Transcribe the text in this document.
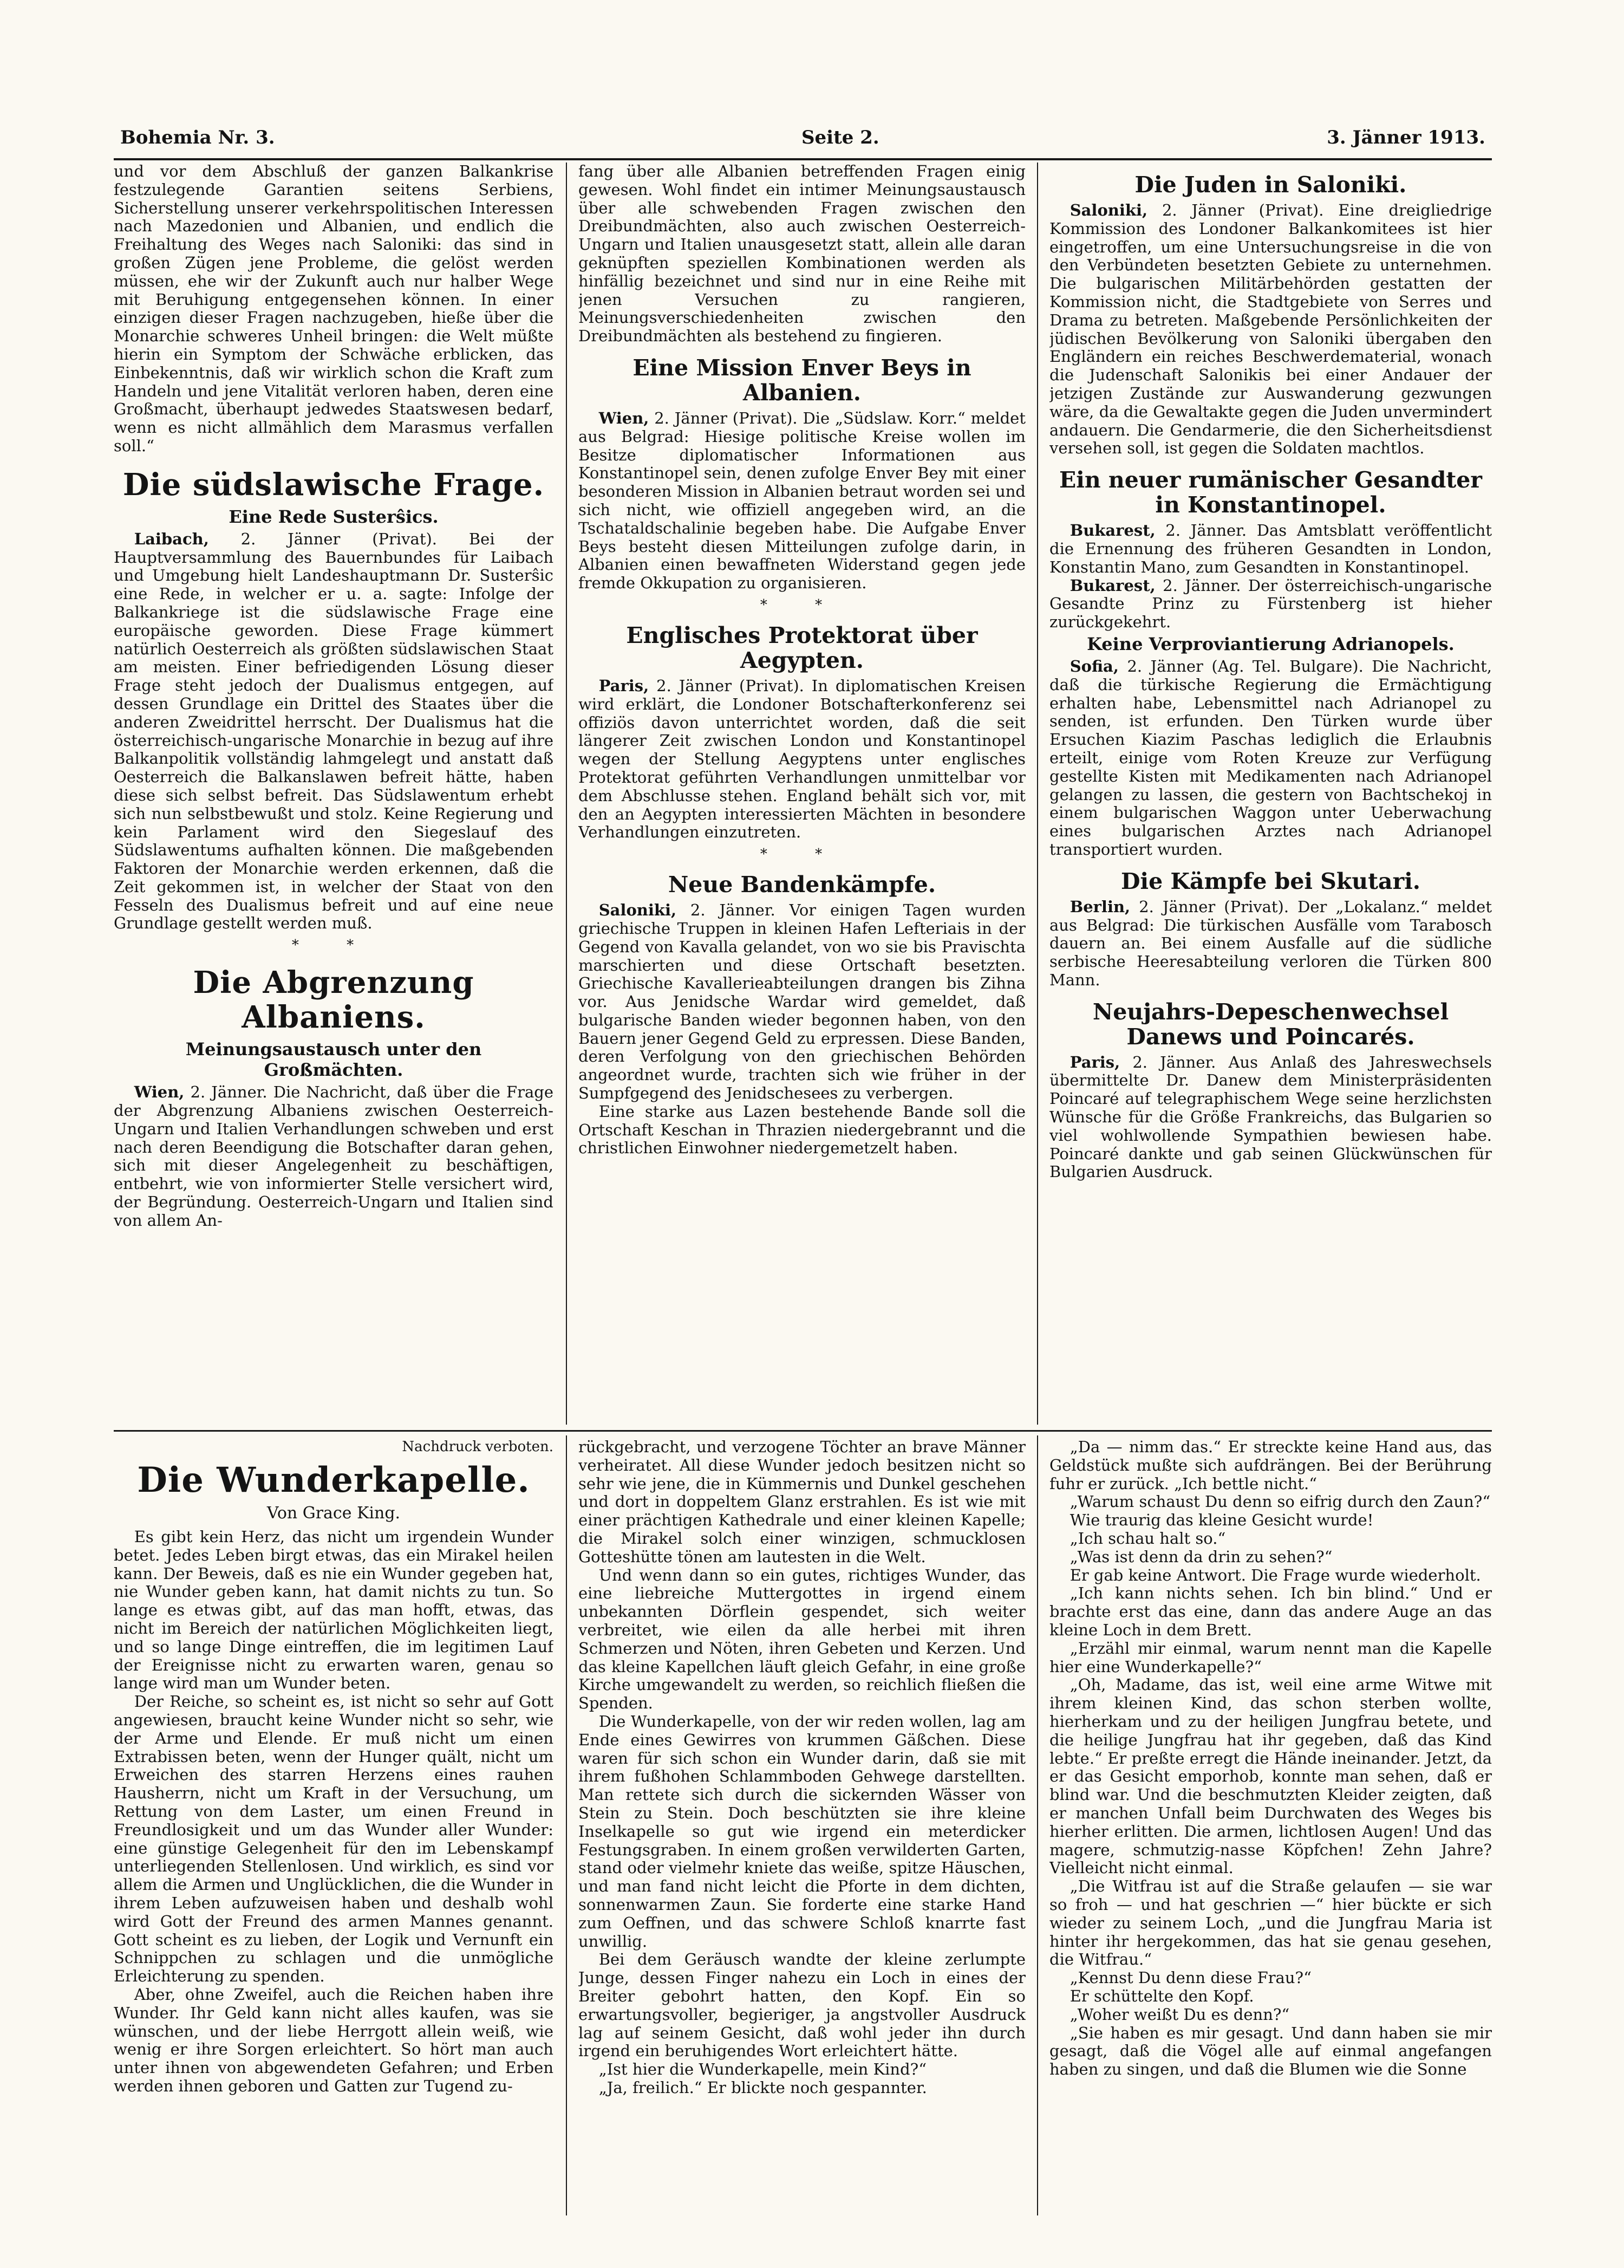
Bohemia Nr. 3.	Seite 2.	3. Jänner 1913.

und vor dem Abschluß der ganzen Balkankrise festzulegende Garantien seitens Serbiens, Sicherstellung unserer verkehrspolitischen Interessen nach Mazedonien und Albanien, und endlich die Freihaltung des Weges nach Saloniki: das sind in großen Zügen jene Probleme, die gelöst werden müssen, ehe wir der Zukunft auch nur halber Wege mit Beruhigung entgegensehen können. In einer einzigen dieser Fragen nachzugeben, hieße über die Monarchie schweres Unheil bringen: die Welt müßte hierin ein Symptom der Schwäche erblicken, das Einbekenntnis, daß wir wirklich schon die Kraft zum Handeln und jene Vitalität verloren haben, deren eine Großmacht, überhaupt jedwedes Staatswesen bedarf, wenn es nicht allmählich dem Marasmus verfallen soll.“

Die südslawische Frage.
Eine Rede Susterŝics.

Laibach, 2. Jänner (Privat). Bei der Hauptversammlung des Bauernbundes für Laibach und Umgebung hielt Landeshauptmann Dr. Susterŝic eine Rede, in welcher er u. a. sagte: Infolge der Balkankriege ist die südslawische Frage eine europäische geworden. Diese Frage kümmert natürlich Oesterreich als größten südslawischen Staat am meisten. Einer befriedigenden Lösung dieser Frage steht jedoch der Dualismus entgegen, auf dessen Grundlage ein Drittel des Staates über die anderen Zweidrittel herrscht. Der Dualismus hat die österreichisch-ungarische Monarchie in bezug auf ihre Balkanpolitik vollständig lahmgelegt und anstatt daß Oesterreich die Balkanslawen befreit hätte, haben diese sich selbst befreit. Das Südslawentum erhebt sich nun selbstbewußt und stolz. Keine Regierung und kein Parlament wird den Siegeslauf des Südslawentums aufhalten können. Die maßgebenden Faktoren der Monarchie werden erkennen, daß die Zeit gekommen ist, in welcher der Staat von den Fesseln des Dualismus befreit und auf eine neue Grundlage gestellt werden muß.

* *
Die Abgrenzung Albaniens.
Meinungsaustausch unter den Großmächten.

Wien, 2. Jänner. Die Nachricht, daß über die Frage der Abgrenzung Albaniens zwischen Oesterreich-Ungarn und Italien Verhandlungen schweben und erst nach deren Beendigung die Botschafter daran gehen, sich mit dieser Angelegenheit zu beschäftigen, entbehrt, wie von informierter Stelle versichert wird, der Begründung. Oesterreich-Ungarn und Italien sind von allem An-

fang über alle Albanien betreffenden Fragen einig gewesen. Wohl findet ein intimer Meinungsaustausch über alle schwebenden Fragen zwischen den Dreibundmächten, also auch zwischen Oesterreich-Ungarn und Italien unausgesetzt statt, allein alle daran geknüpften speziellen Kombinationen werden als hinfällig bezeichnet und sind nur in eine Reihe mit jenen Versuchen zu rangieren, Meinungsverschiedenheiten zwischen den Dreibundmächten als bestehend zu fingieren.

Eine Mission Enver Beys in Albanien.

Wien, 2. Jänner (Privat). Die „Südslaw. Korr.“ meldet aus Belgrad: Hiesige politische Kreise wollen im Besitze diplomatischer Informationen aus Konstantinopel sein, denen zufolge Enver Bey mit einer besonderen Mission in Albanien betraut worden sei und sich nicht, wie offiziell angegeben wird, an die Tschataldschalinie begeben habe. Die Aufgabe Enver Beys besteht diesen Mitteilungen zufolge darin, in Albanien einen bewaffneten Widerstand gegen jede fremde Okkupation zu organisieren.

* *
Englisches Protektorat über Aegypten.

Paris, 2. Jänner (Privat). In diplomatischen Kreisen wird erklärt, die Londoner Botschafterkonferenz sei offiziös davon unterrichtet worden, daß die seit längerer Zeit zwischen London und Konstantinopel wegen der Stellung Aegyptens unter englisches Protektorat geführten Verhandlungen unmittelbar vor dem Abschlusse stehen. England behält sich vor, mit den an Aegypten interessierten Mächten in besondere Verhandlungen einzutreten.

* *
Neue Bandenkämpfe.

Saloniki, 2. Jänner. Vor einigen Tagen wurden griechische Truppen in kleinen Hafen Lefteriais in der Gegend von Kavalla gelandet, von wo sie bis Pravischta marschierten und diese Ortschaft besetzten. Griechische Kavallerieabteilungen drangen bis Zihna vor. Aus Jenidsche Wardar wird gemeldet, daß bulgarische Banden wieder begonnen haben, von den Bauern jener Gegend Geld zu erpressen. Diese Banden, deren Verfolgung von den griechischen Behörden angeordnet wurde, trachten sich wie früher in der Sumpfgegend des Jenidschesees zu verbergen.

Eine starke aus Lazen bestehende Bande soll die Ortschaft Keschan in Thrazien niedergebrannt und die christlichen Einwohner niedergemetzelt haben.

Die Juden in Saloniki.

Saloniki, 2. Jänner (Privat). Eine dreigliedrige Kommission des Londoner Balkankomitees ist hier eingetroffen, um eine Untersuchungsreise in die von den Verbündeten besetzten Gebiete zu unternehmen. Die bulgarischen Militärbehörden gestatten der Kommission nicht, die Stadtgebiete von Serres und Drama zu betreten. Maßgebende Persönlichkeiten der jüdischen Bevölkerung von Saloniki übergaben den Engländern ein reiches Beschwerdematerial, wonach die Judenschaft Salonikis bei einer Andauer der jetzigen Zustände zur Auswanderung gezwungen wäre, da die Gewaltakte gegen die Juden unvermindert andauern. Die Gendarmerie, die den Sicherheitsdienst versehen soll, ist gegen die Soldaten machtlos.

Ein neuer rumänischer Gesandter in Konstantinopel.

Bukarest, 2. Jänner. Das Amtsblatt veröffentlicht die Ernennung des früheren Gesandten in London, Konstantin Mano, zum Gesandten in Konstantinopel.

Bukarest, 2. Jänner. Der österreichisch-ungarische Gesandte Prinz zu Fürstenberg ist hieher zurückgekehrt.

Keine Verproviantierung Adrianopels.

Sofia, 2. Jänner (Ag. Tel. Bulgare). Die Nachricht, daß die türkische Regierung die Ermächtigung erhalten habe, Lebensmittel nach Adrianopel zu senden, ist erfunden. Den Türken wurde über Ersuchen Kiazim Paschas lediglich die Erlaubnis erteilt, einige vom Roten Kreuze zur Verfügung gestellte Kisten mit Medikamenten nach Adrianopel gelangen zu lassen, die gestern von Bachtschekoj in einem bulgarischen Waggon unter Ueberwachung eines bulgarischen Arztes nach Adrianopel transportiert wurden.

Die Kämpfe bei Skutari.

Berlin, 2. Jänner (Privat). Der „Lokalanz.“ meldet aus Belgrad: Die türkischen Ausfälle vom Tarabosch dauern an. Bei einem Ausfalle auf die südliche serbische Heeresabteilung verloren die Türken 800 Mann.

Neujahrs-Depeschenwechsel Danews und Poincarés.

Paris, 2. Jänner. Aus Anlaß des Jahreswechsels übermittelte Dr. Danew dem Ministerpräsidenten Poincaré auf telegraphischem Wege seine herzlichsten Wünsche für die Größe Frankreichs, das Bulgarien so viel wohlwollende Sympathien bewiesen habe. Poincaré dankte und gab seinen Glückwünschen für Bulgarien Ausdruck.

Nachdruck verboten.
Die Wunderkapelle.
Von Grace King.

Es gibt kein Herz, das nicht um irgendein Wunder betet. Jedes Leben birgt etwas, das ein Mirakel heilen kann. Der Beweis, daß es nie ein Wunder gegeben hat, nie Wunder geben kann, hat damit nichts zu tun. So lange es etwas gibt, auf das man hofft, etwas, das nicht im Bereich der natürlichen Möglichkeiten liegt, und so lange Dinge eintreffen, die im legitimen Lauf der Ereignisse nicht zu erwarten waren, genau so lange wird man um Wunder beten.

Der Reiche, so scheint es, ist nicht so sehr auf Gott angewiesen, braucht keine Wunder nicht so sehr, wie der Arme und Elende. Er muß nicht um einen Extrabissen beten, wenn der Hunger quält, nicht um Erweichen des starren Herzens eines rauhen Hausherrn, nicht um Kraft in der Versuchung, um Rettung von dem Laster, um einen Freund in Freundlosigkeit und um das Wunder aller Wunder: eine günstige Gelegenheit für den im Lebenskampf unterliegenden Stellenlosen. Und wirklich, es sind vor allem die Armen und Unglücklichen, die die Wunder in ihrem Leben aufzuweisen haben und deshalb wohl wird Gott der Freund des armen Mannes genannt. Gott scheint es zu lieben, der Logik und Vernunft ein Schnippchen zu schlagen und die unmögliche Erleichterung zu spenden.

Aber, ohne Zweifel, auch die Reichen haben ihre Wunder. Ihr Geld kann nicht alles kaufen, was sie wünschen, und der liebe Herrgott allein weiß, wie wenig er ihre Sorgen erleichtert. So hört man auch unter ihnen von abgewendeten Gefahren; und Erben werden ihnen geboren und Gatten zur Tugend zu-

rückgebracht, und verzogene Töchter an brave Männer verheiratet. All diese Wunder jedoch besitzen nicht so sehr wie jene, die in Kümmernis und Dunkel geschehen und dort in doppeltem Glanz erstrahlen. Es ist wie mit einer prächtigen Kathedrale und einer kleinen Kapelle; die Mirakel solch einer winzigen, schmucklosen Gotteshütte tönen am lautesten in die Welt.

Und wenn dann so ein gutes, richtiges Wunder, das eine liebreiche Muttergottes in irgend einem unbekannten Dörflein gespendet, sich weiter verbreitet, wie eilen da alle herbei mit ihren Schmerzen und Nöten, ihren Gebeten und Kerzen. Und das kleine Kapellchen läuft gleich Gefahr, in eine große Kirche umgewandelt zu werden, so reichlich fließen die Spenden.

Die Wunderkapelle, von der wir reden wollen, lag am Ende eines Gewirres von krummen Gäßchen. Diese waren für sich schon ein Wunder darin, daß sie mit ihrem fußhohen Schlammboden Gehwege darstellten. Man rettete sich durch die sickernden Wässer von Stein zu Stein. Doch beschützten sie ihre kleine Inselkapelle so gut wie irgend ein meterdicker Festungsgraben. In einem großen verwilderten Garten, stand oder vielmehr kniete das weiße, spitze Häuschen, und man fand nicht leicht die Pforte in dem dichten, sonnenwarmen Zaun. Sie forderte eine starke Hand zum Oeffnen, und das schwere Schloß knarrte fast unwillig.

Bei dem Geräusch wandte der kleine zerlumpte Junge, dessen Finger nahezu ein Loch in eines der Breiter gebohrt hatten, den Kopf. Ein so erwartungsvoller, begieriger, ja angstvoller Ausdruck lag auf seinem Gesicht, daß wohl jeder ihn durch irgend ein beruhigendes Wort erleichtert hätte.

„Ist hier die Wunderkapelle, mein Kind?“

„Ja, freilich.“ Er blickte noch gespannter.

„Da — nimm das.“ Er streckte keine Hand aus, das Geldstück mußte sich aufdrängen. Bei der Berührung fuhr er zurück. „Ich bettle nicht.“

„Warum schaust Du denn so eifrig durch den Zaun?“

Wie traurig das kleine Gesicht wurde!

„Ich schau halt so.“

„Was ist denn da drin zu sehen?“

Er gab keine Antwort. Die Frage wurde wiederholt.

„Ich kann nichts sehen. Ich bin blind.“ Und er brachte erst das eine, dann das andere Auge an das kleine Loch in dem Brett.

„Erzähl mir einmal, warum nennt man die Kapelle hier eine Wunderkapelle?“

„Oh, Madame, das ist, weil eine arme Witwe mit ihrem kleinen Kind, das schon sterben wollte, hierherkam und zu der heiligen Jungfrau betete, und die heilige Jungfrau hat ihr gegeben, daß das Kind lebte.“ Er preßte erregt die Hände ineinander. Jetzt, da er das Gesicht emporhob, konnte man sehen, daß er blind war. Und die beschmutzten Kleider zeigten, daß er manchen Unfall beim Durchwaten des Weges bis hierher erlitten. Die armen, lichtlosen Augen! Und das magere, schmutzig-nasse Köpfchen! Zehn Jahre? Vielleicht nicht einmal.

„Die Witfrau ist auf die Straße gelaufen — sie war so froh — und hat geschrien —“ hier bückte er sich wieder zu seinem Loch, „und die Jungfrau Maria ist hinter ihr hergekommen, das hat sie genau gesehen, die Witfrau.“

„Kennst Du denn diese Frau?“

Er schüttelte den Kopf.

„Woher weißt Du es denn?“

„Sie haben es mir gesagt. Und dann haben sie mir gesagt, daß die Vögel alle auf einmal angefangen haben zu singen, und daß die Blumen wie die Sonne
